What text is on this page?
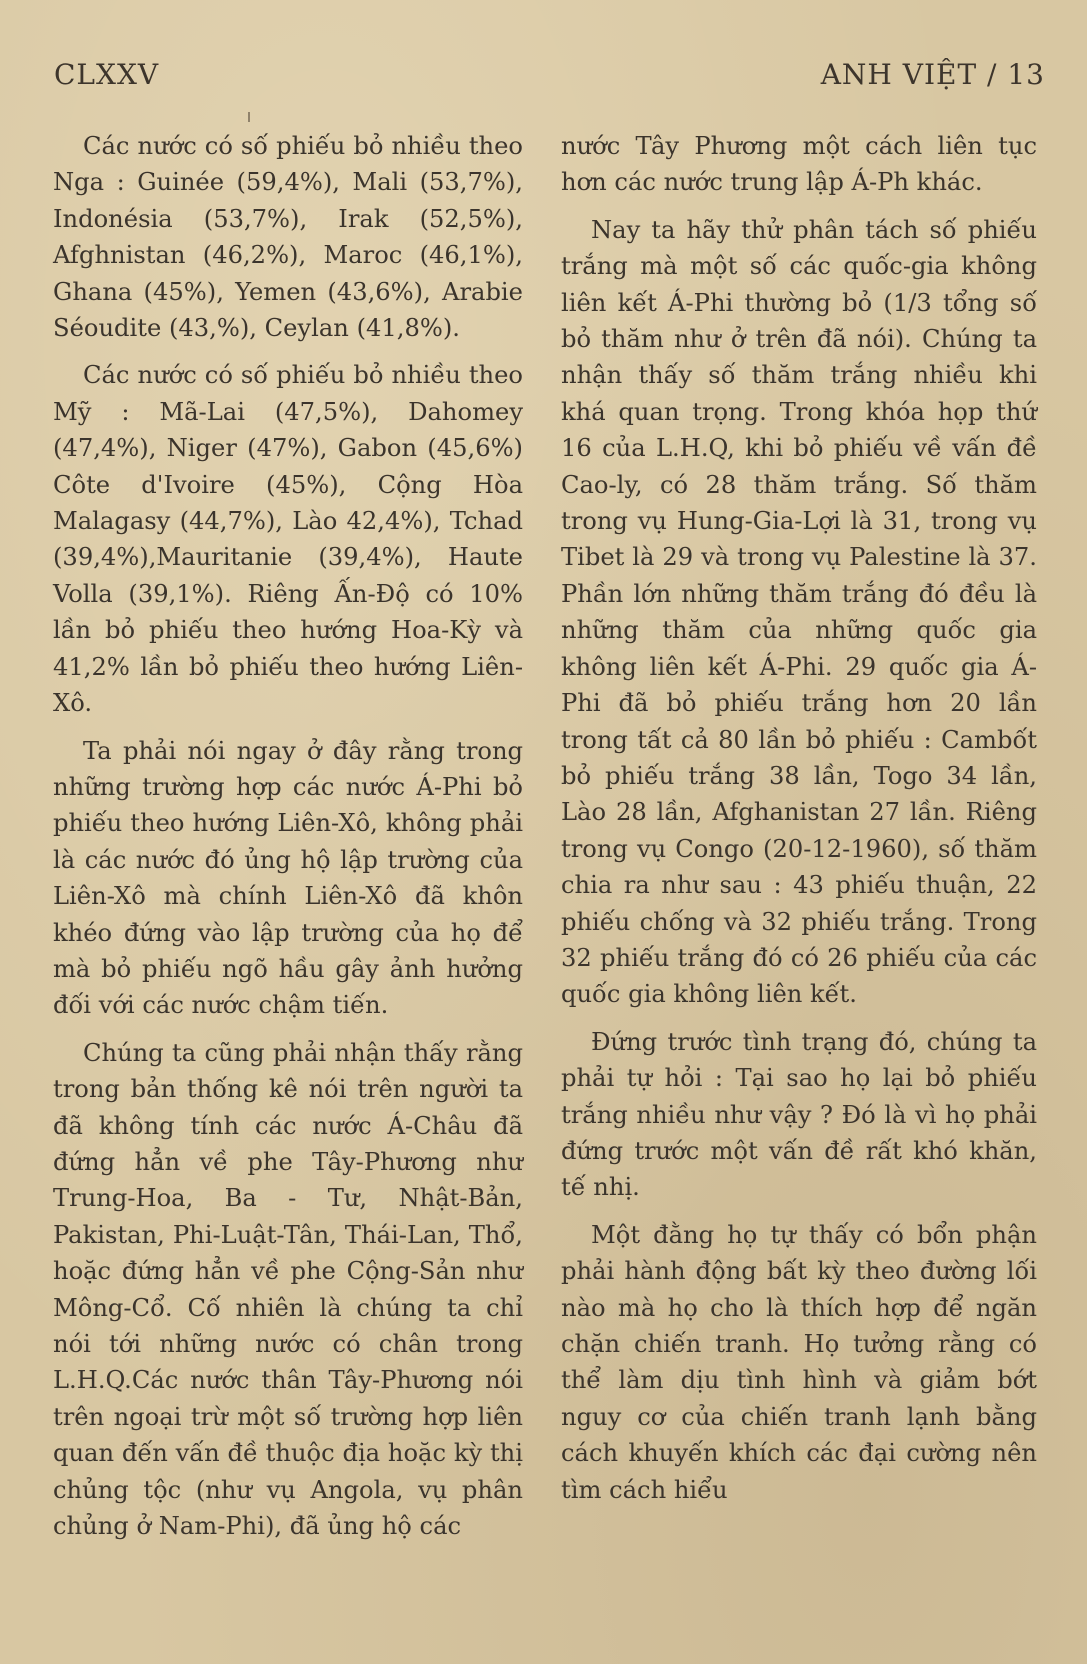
CLXXV	ANH VIỆT / 13

Các nước có số phiếu bỏ nhiều theo Nga : Guinée (59,4%), Mali (53,7%), Indonésia (53,7%), Irak (52,5%), Afghnistan (46,2%), Maroc (46,1%), Ghana (45%), Yemen (43,6%), Arabie Séoudite (43,%), Ceylan (41,8%).

Các nước có số phiếu bỏ nhiều theo Mỹ : Mã-Lai (47,5%), Dahomey (47,4%), Niger (47%), Gabon (45,6%) Côte d'Ivoire (45%), Cộng Hòa Malagasy (44,7%), Lào 42,4%), Tchad (39,4%),Mauritanie (39,4%), Haute Volla (39,1%). Riêng Ấn-Độ có 10% lần bỏ phiếu theo hướng Hoa-Kỳ và 41,2% lần bỏ phiếu theo hướng Liên-Xô.

Ta phải nói ngay ở đây rằng trong những trường hợp các nước Á-Phi bỏ phiếu theo hướng Liên-Xô, không phải là các nước đó ủng hộ lập trường của Liên-Xô mà chính Liên-Xô đã khôn khéo đứng vào lập trường của họ để mà bỏ phiếu ngõ hầu gây ảnh hưởng đối với các nước chậm tiến.

Chúng ta cũng phải nhận thấy rằng trong bản thống kê nói trên người ta đã không tính các nước Á-Châu đã đứng hẳn về phe Tây-Phương như Trung-Hoa, Ba - Tư, Nhật-Bản, Pakistan, Phi-Luật-Tân, Thái-Lan, Thổ, hoặc đứng hẳn về phe Cộng-Sản như Mông-Cổ. Cố nhiên là chúng ta chỉ nói tới những nước có chân trong L.H.Q.Các nước thân Tây-Phương nói trên ngoại trừ một số trường hợp liên quan đến vấn đề thuộc địa hoặc kỳ thị chủng tộc (như vụ Angola, vụ phân chủng ở Nam-Phi), đã ủng hộ các

nước Tây Phương một cách liên tục hơn các nước trung lập Á-Ph khác.

Nay ta hãy thử phân tách số phiếu trắng mà một số các quốc-gia không liên kết Á-Phi thường bỏ (1/3 tổng số bỏ thăm như ở trên đã nói). Chúng ta nhận thấy số thăm trắng nhiều khi khá quan trọng. Trong khóa họp thứ 16 của L.H.Q, khi bỏ phiếu về vấn đề Cao-ly, có 28 thăm trắng. Số thăm trong vụ Hung-Gia-Lợi là 31, trong vụ Tibet là 29 và trong vụ Palestine là 37. Phần lớn những thăm trắng đó đều là những thăm của những quốc gia không liên kết Á-Phi. 29 quốc gia Á-Phi đã bỏ phiếu trắng hơn 20 lần trong tất cả 80 lần bỏ phiếu : Cambốt bỏ phiếu trắng 38 lần, Togo 34 lần, Lào 28 lần, Afghanistan 27 lần. Riêng trong vụ Congo (20-12-1960), số thăm chia ra như sau : 43 phiếu thuận, 22 phiếu chống và 32 phiếu trắng. Trong 32 phiếu trắng đó có 26 phiếu của các quốc gia không liên kết.

Đứng trước tình trạng đó, chúng ta phải tự hỏi : Tại sao họ lại bỏ phiếu trắng nhiều như vậy ? Đó là vì họ phải đứng trước một vấn đề rất khó khăn, tế nhị.

Một đằng họ tự thấy có bổn phận phải hành động bất kỳ theo đường lối nào mà họ cho là thích hợp để ngăn chặn chiến tranh. Họ tưởng rằng có thể làm dịu tình hình và giảm bớt nguy cơ của chiến tranh lạnh bằng cách khuyến khích các đại cường nên tìm cách hiểu
